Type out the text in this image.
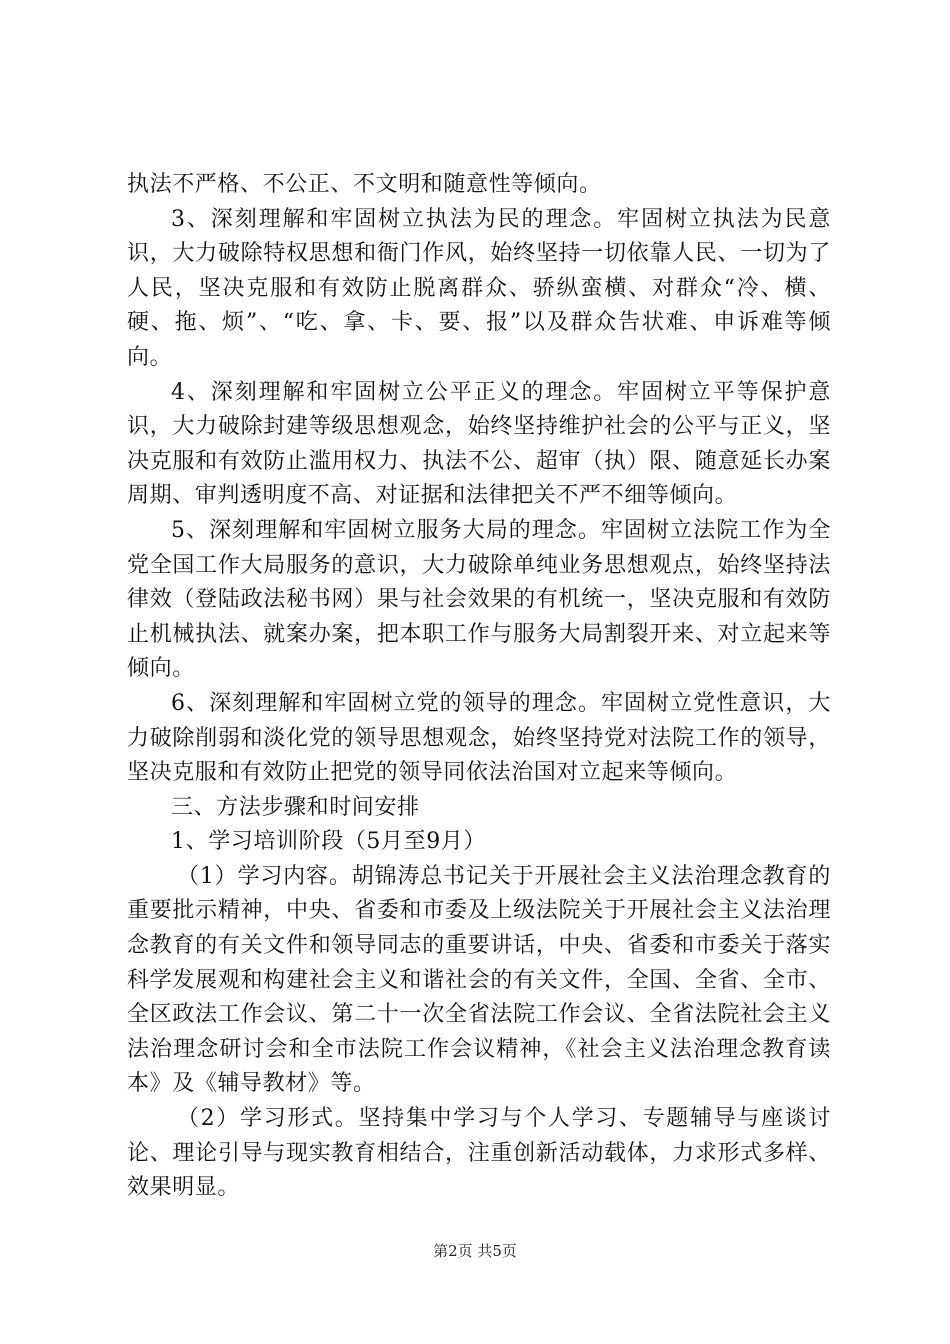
执法不严格、不公正、不文明和随意性等倾向。

3、深刻理解和牢固树立执法为民的理念。牢固树立执法为民意识，大力破除特权思想和衙门作风，始终坚持一切依靠人民、一切为了人民，坚决克服和有效防止脱离群众、骄纵蛮横、对群众“冷、横、硬、拖、烦”、“吃、拿、卡、要、报”以及群众告状难、申诉难等倾向。

4、深刻理解和牢固树立公平正义的理念。牢固树立平等保护意识，大力破除封建等级思想观念，始终坚持维护社会的公平与正义，坚决克服和有效防止滥用权力、执法不公、超审（执）限、随意延长办案周期、审判透明度不高、对证据和法律把关不严不细等倾向。

5、深刻理解和牢固树立服务大局的理念。牢固树立法院工作为全党全国工作大局服务的意识，大力破除单纯业务思想观点，始终坚持法律效（登陆政法秘书网）果与社会效果的有机统一，坚决克服和有效防止机械执法、就案办案，把本职工作与服务大局割裂开来、对立起来等倾向。

6、深刻理解和牢固树立党的领导的理念。牢固树立党性意识，大力破除削弱和淡化党的领导思想观念，始终坚持党对法院工作的领导，坚决克服和有效防止把党的领导同依法治国对立起来等倾向。

三、方法步骤和时间安排

1、学习培训阶段（5月至9月）

（1）学习内容。胡锦涛总书记关于开展社会主义法治理念教育的重要批示精神，中央、省委和市委及上级法院关于开展社会主义法治理念教育的有关文件和领导同志的重要讲话，中央、省委和市委关于落实科学发展观和构建社会主义和谐社会的有关文件，全国、全省、全市、全区政法工作会议、第二十一次全省法院工作会议、全省法院社会主义法治理念研讨会和全市法院工作会议精神，《社会主义法治理念教育读本》及《辅导教材》等。

（2）学习形式。坚持集中学习与个人学习、专题辅导与座谈讨论、理论引导与现实教育相结合，注重创新活动载体，力求形式多样、效果明显。

第2页 共5页
